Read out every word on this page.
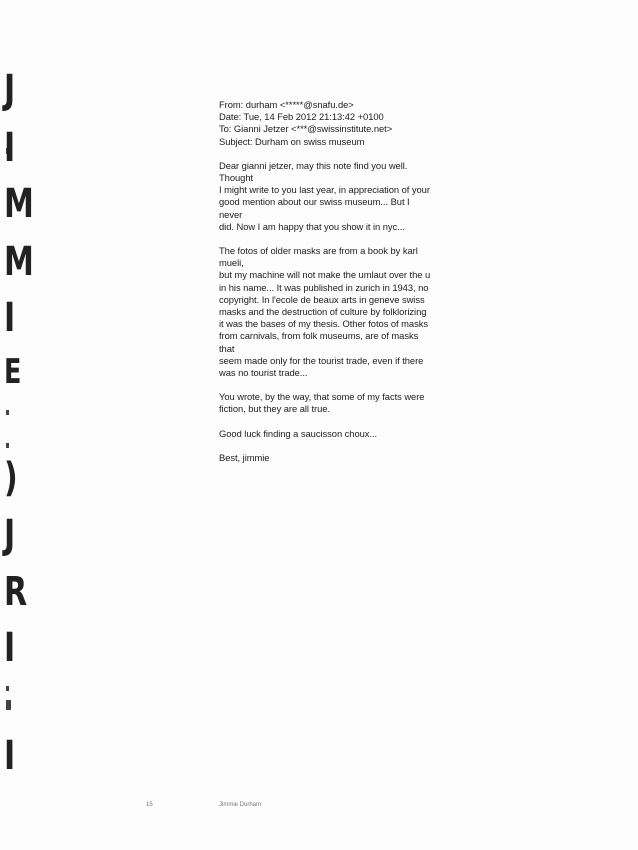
J
I
M
M
I
E
)
J
R
I
I
From: durham <*****@snafu.de>
Date: Tue, 14 Feb 2012 21:13:42 +0100
To: Gianni Jetzer <***@swissinstitute.net>
Subject: Durham on swiss museum
Dear gianni jetzer, may this note find you well. Thought
I might write to you last year, in appreciation of your
good mention about our swiss museum... But I never
did. Now I am happy that you show it in nyc...
The fotos of older masks are from a book by karl mueli,
but my machine will not make the umlaut over the u
in his name... It was published in zurich in 1943, no
copyright. In l'ecole de beaux arts in geneve swiss
masks and the destruction of culture by folklorizing
it was the bases of my thesis. Other fotos of masks
from carnivals, from folk museums, are of masks that
seem made only for the tourist trade, even if there
was no tourist trade...
You wrote, by the way, that some of my facts were
fiction, but they are all true.
Good luck finding a saucisson choux...
Best, jimmie
15	Jimmie Durham
